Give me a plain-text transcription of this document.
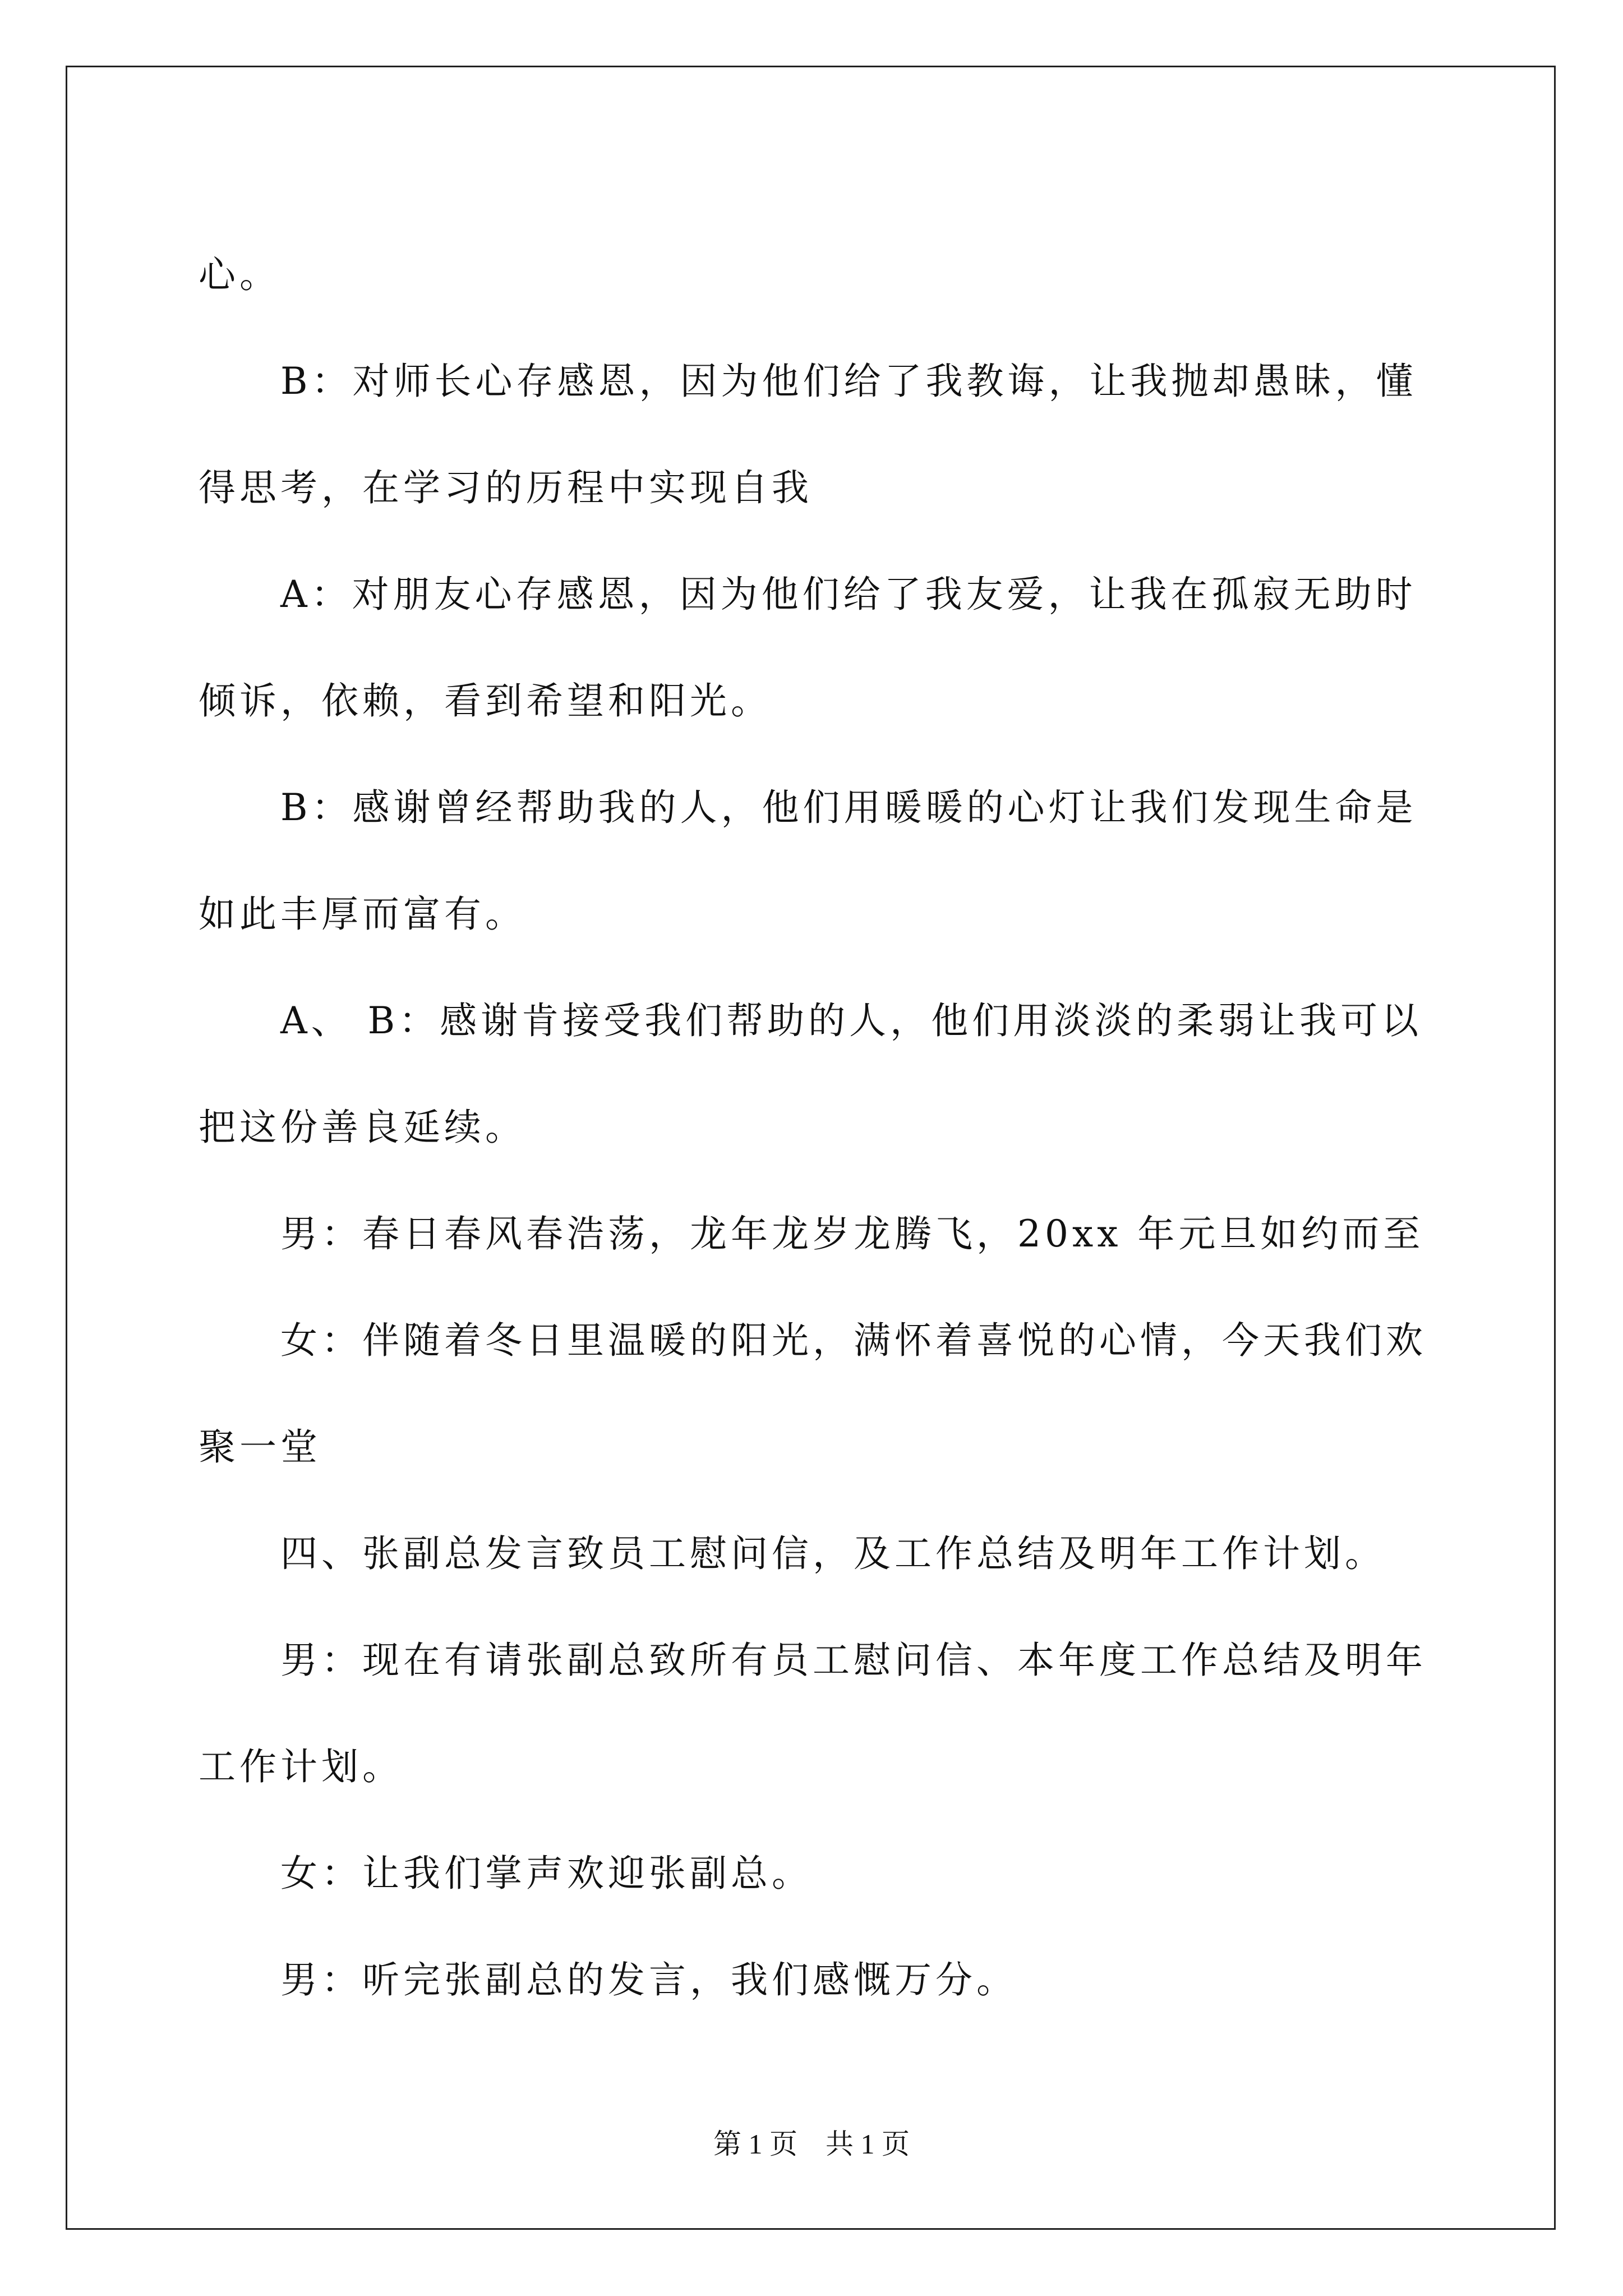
心。

B：对师长心存感恩，因为他们给了我教诲，让我抛却愚昧，懂得思考，在学习的历程中实现自我

A：对朋友心存感恩，因为他们给了我友爱，让我在孤寂无助时倾诉，依赖，看到希望和阳光。

B：感谢曾经帮助我的人，他们用暖暖的心灯让我们发现生命是如此丰厚而富有。

A、 B：感谢肯接受我们帮助的人，他们用淡淡的柔弱让我可以把这份善良延续。

男：春日春风春浩荡，龙年龙岁龙腾飞，20xx 年元旦如约而至

女：伴随着冬日里温暖的阳光，满怀着喜悦的心情，今天我们欢聚一堂

四、张副总发言致员工慰问信，及工作总结及明年工作计划。

男：现在有请张副总致所有员工慰问信、本年度工作总结及明年工作计划。

女：让我们掌声欢迎张副总。

男：听完张副总的发言，我们感慨万分。

第 1 页　共 1 页
